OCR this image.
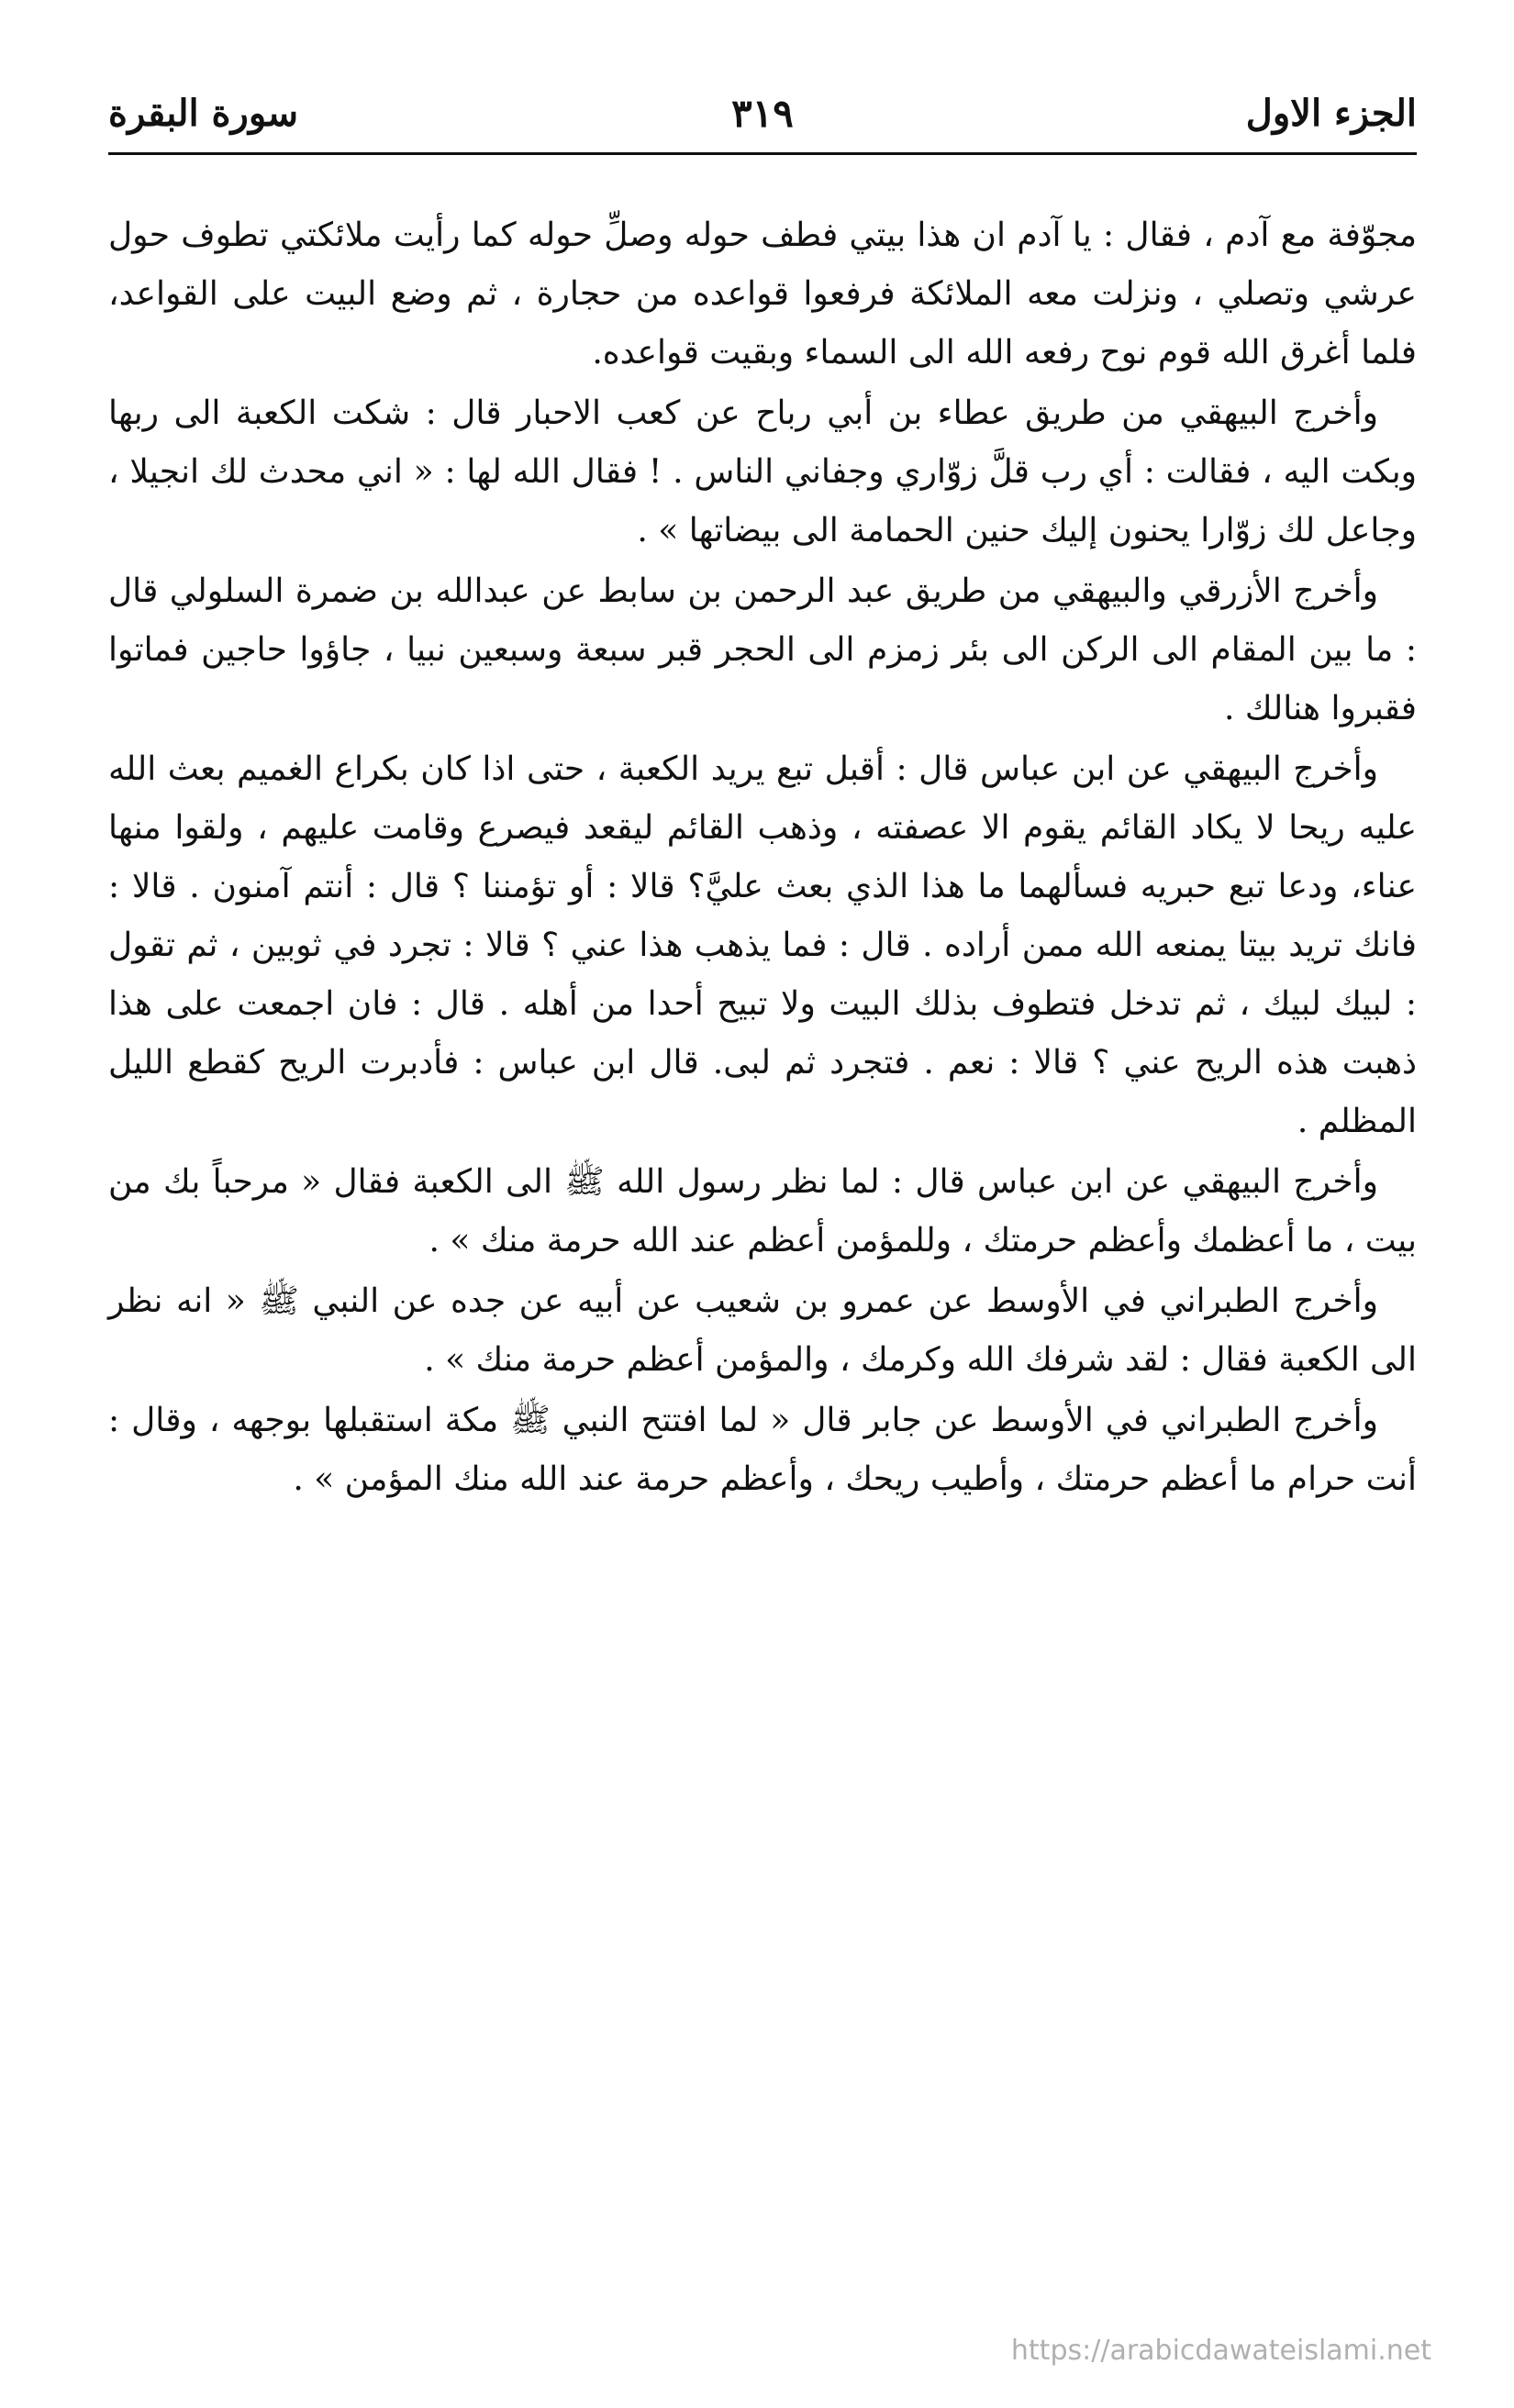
الجزء الاول
٣١٩
سورة البقرة

مجوّفة مع آدم ، فقال : يا آدم ان هذا بيتي فطف حوله وصلِّ حوله كما رأيت ملائكتي تطوف حول عرشي وتصلي ، ونزلت معه الملائكة فرفعوا قواعده من حجارة ، ثم وضع البيت على القواعد، فلما أغرق الله قوم نوح رفعه الله الى السماء وبقيت قواعده.

وأخرج البيهقي من طريق عطاء بن أبي رباح عن كعب الاحبار قال : شكت الكعبة الى ربها وبكت اليه ، فقالت : أي رب قلَّ زوّاري وجفاني الناس . ! فقال الله لها : « اني محدث لك انجيلا ، وجاعل لك زوّارا يحنون إليك حنين الحمامة الى بيضاتها » .

وأخرج الأزرقي والبيهقي من طريق عبد الرحمن بن سابط عن عبدالله بن ضمرة السلولي قال : ما بين المقام الى الركن الى بئر زمزم الى الحجر قبر سبعة وسبعين نبيا ، جاؤوا حاجين فماتوا فقبروا هنالك .

وأخرج البيهقي عن ابن عباس قال : أقبل تبع يريد الكعبة ، حتى اذا كان بكراع الغميم بعث الله عليه ريحا لا يكاد القائم يقوم الا عصفته ، وذهب القائم ليقعد فيصرع وقامت عليهم ، ولقوا منها عناء، ودعا تبع حبريه فسألهما ما هذا الذي بعث عليَّ؟ قالا : أو تؤمننا ؟ قال : أنتم آمنون . قالا : فانك تريد بيتا يمنعه الله ممن أراده . قال : فما يذهب هذا عني ؟ قالا : تجرد في ثوبين ، ثم تقول : لبيك لبيك ، ثم تدخل فتطوف بذلك البيت ولا تبيح أحدا من أهله . قال : فان اجمعت على هذا ذهبت هذه الريح عني ؟ قالا : نعم . فتجرد ثم لبى. قال ابن عباس : فأدبرت الريح كقطع الليل المظلم .

وأخرج البيهقي عن ابن عباس قال : لما نظر رسول الله ﷺ الى الكعبة فقال « مرحباً بك من بيت ، ما أعظمك وأعظم حرمتك ، وللمؤمن أعظم عند الله حرمة منك » .

وأخرج الطبراني في الأوسط عن عمرو بن شعيب عن أبيه عن جده عن النبي ﷺ « انه نظر الى الكعبة فقال : لقد شرفك الله وكرمك ، والمؤمن أعظم حرمة منك » .

وأخرج الطبراني في الأوسط عن جابر قال « لما افتتح النبي ﷺ مكة استقبلها بوجهه ، وقال : أنت حرام ما أعظم حرمتك ، وأطيب ريحك ، وأعظم حرمة عند الله منك المؤمن » .

https://arabicdawateislami.net
